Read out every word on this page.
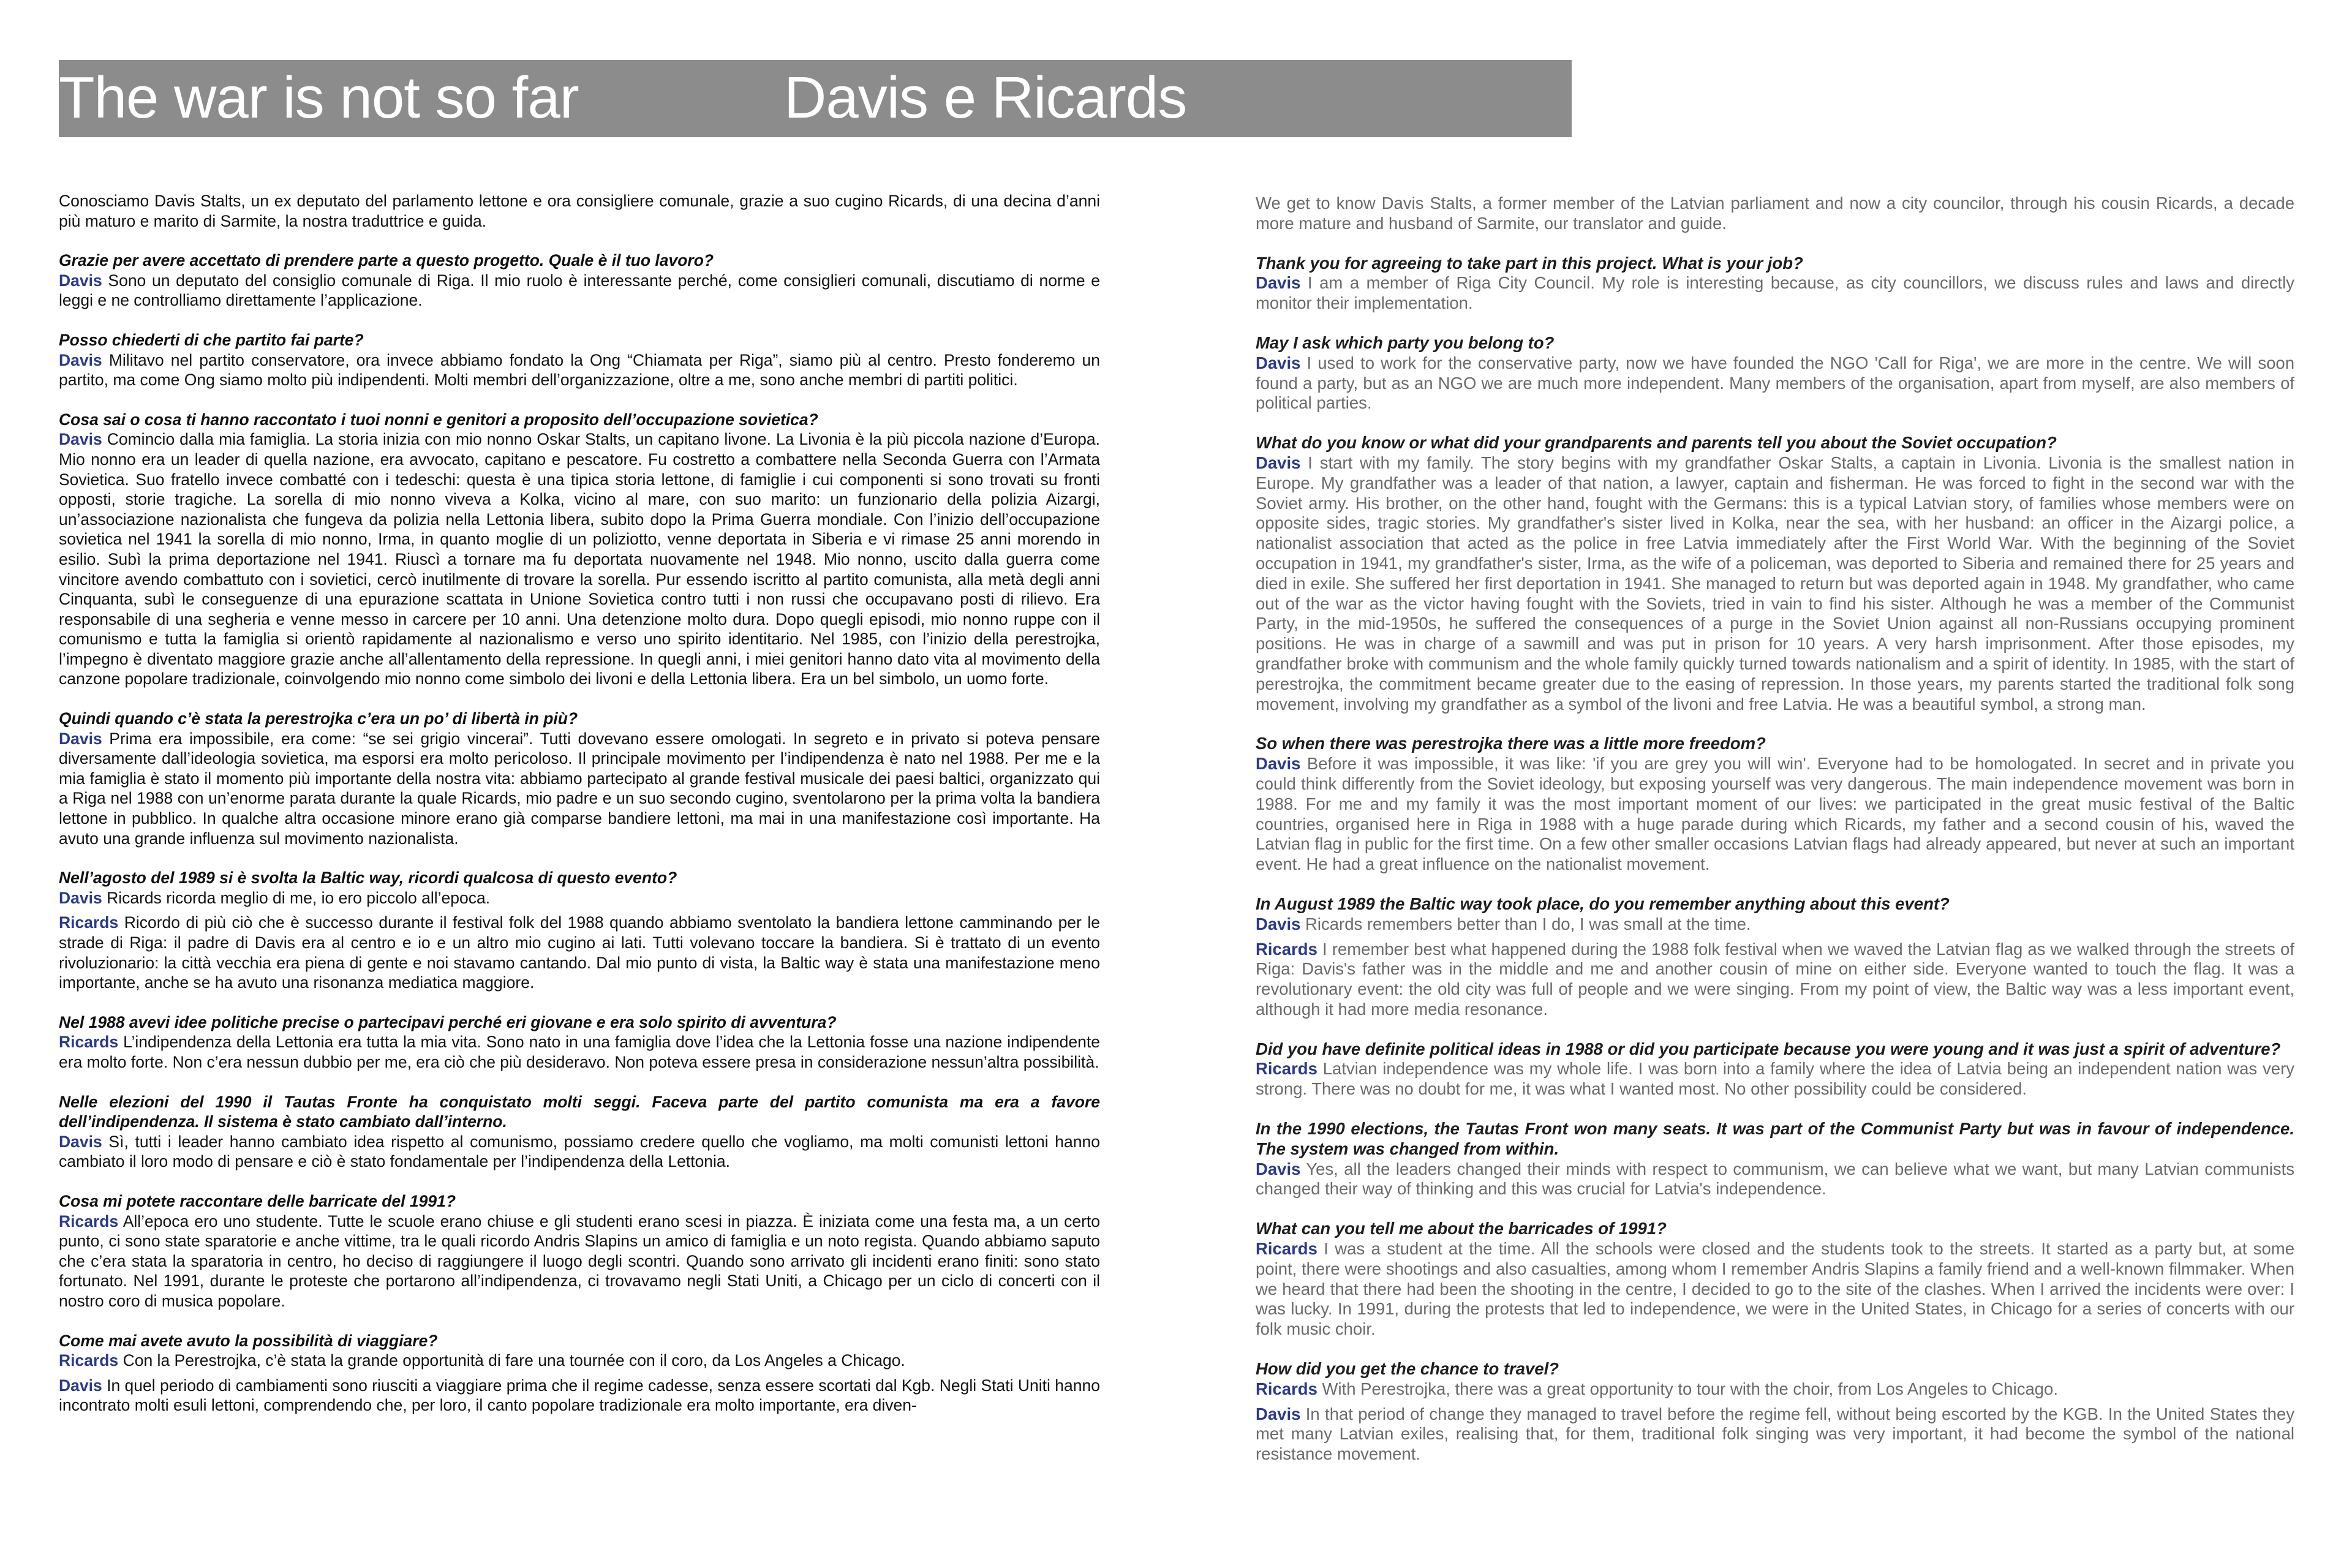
The war is not so far	Davis e Ricards

Conosciamo Davis Stalts, un ex deputato del parlamento lettone e ora consigliere comunale, grazie a suo cugino Ricards, di una decina d’anni più maturo e marito di Sarmite, la nostra traduttrice e guida.

Grazie per avere accettato di prendere parte a questo progetto. Quale è il tuo lavoro?

Davis Sono un deputato del consiglio comunale di Riga. Il mio ruolo è interessante perché, come consiglieri comunali, discutiamo di norme e leggi e ne controlliamo direttamente l’applicazione.

Posso chiederti di che partito fai parte?

Davis Militavo nel partito conservatore, ora invece abbiamo fondato la Ong “Chiamata per Riga”, siamo più al centro. Presto fonderemo un partito, ma come Ong siamo molto più indipendenti. Molti membri dell’organizzazione, oltre a me, sono anche membri di partiti politici.

Cosa sai o cosa ti hanno raccontato i tuoi nonni e genitori a proposito dell’occupazione sovietica?

Davis Comincio dalla mia famiglia. La storia inizia con mio nonno Oskar Stalts, un capitano livone. La Livonia è la più piccola nazione d’Europa. Mio nonno era un leader di quella nazione, era avvocato, capitano e pescatore. Fu costretto a combattere nella Seconda Guerra con l’Armata Sovietica. Suo fratello invece combatté con i tedeschi: questa è una tipica storia lettone, di famiglie i cui componenti si sono trovati su fronti opposti, storie tragiche. La sorella di mio nonno viveva a Kolka, vicino al mare, con suo marito: un funzionario della polizia Aizargi, un’associazione nazionalista che fungeva da polizia nella Lettonia libera, subito dopo la Prima Guerra mondiale. Con l’inizio dell’occupazione sovietica nel 1941 la sorella di mio nonno, Irma, in quanto moglie di un poliziotto, venne deportata in Siberia e vi rimase 25 anni morendo in esilio. Subì la prima deportazione nel 1941. Riuscì a tornare ma fu deportata nuovamente nel 1948. Mio nonno, uscito dalla guerra come vincitore avendo combattuto con i sovietici, cercò inutilmente di trovare la sorella. Pur essendo iscritto al partito comunista, alla metà degli anni Cinquanta, subì le conseguenze di una epurazione scattata in Unione Sovietica contro tutti i non russi che occupavano posti di rilievo. Era responsabile di una segheria e venne messo in carcere per 10 anni. Una detenzione molto dura. Dopo quegli episodi, mio nonno ruppe con il comunismo e tutta la famiglia si orientò rapidamente al nazionalismo e verso uno spirito identitario. Nel 1985, con l’inizio della perestrojka, l’impegno è diventato maggiore grazie anche all’allentamento della repressione. In quegli anni, i miei genitori hanno dato vita al movimento della canzone popolare tradizionale, coinvolgendo mio nonno come simbolo dei livoni e della Lettonia libera. Era un bel simbolo, un uomo forte.

Quindi quando c’è stata la perestrojka c’era un po’ di libertà in più?

Davis Prima era impossibile, era come: “se sei grigio vincerai”. Tutti dovevano essere omologati. In segreto e in privato si poteva pensare diversamente dall’ideologia sovietica, ma esporsi era molto pericoloso. Il principale movimento per l’indipendenza è nato nel 1988. Per me e la mia famiglia è stato il momento più importante della nostra vita: abbiamo partecipato al grande festival musicale dei paesi baltici, organizzato qui a Riga nel 1988 con un’enorme parata durante la quale Ricards, mio padre e un suo secondo cugino, sventolarono per la prima volta la bandiera lettone in pubblico. In qualche altra occasione minore erano già comparse bandiere lettoni, ma mai in una manifestazione così importante. Ha avuto una grande influenza sul movimento nazionalista.

Nell’agosto del 1989 si è svolta la Baltic way, ricordi qualcosa di questo evento?

Davis Ricards ricorda meglio di me, io ero piccolo all’epoca.

Ricards Ricordo di più ciò che è successo durante il festival folk del 1988 quando abbiamo sventolato la bandiera lettone camminando per le strade di Riga: il padre di Davis era al centro e io e un altro mio cugino ai lati. Tutti volevano toccare la bandiera. Si è trattato di un evento rivoluzionario: la città vecchia era piena di gente e noi stavamo cantando. Dal mio punto di vista, la Baltic way è stata una manifestazione meno importante, anche se ha avuto una risonanza mediatica maggiore.

Nel 1988 avevi idee politiche precise o partecipavi perché eri giovane e era solo spirito di avventura?

Ricards L’indipendenza della Lettonia era tutta la mia vita. Sono nato in una famiglia dove l’idea che la Lettonia fosse una nazione indipendente era molto forte. Non c’era nessun dubbio per me, era ciò che più desideravo. Non poteva essere presa in considerazione nessun’altra possibilità.

Nelle elezioni del 1990 il Tautas Fronte ha conquistato molti seggi. Faceva parte del partito comunista ma era a favore dell’indipendenza. Il sistema è stato cambiato dall’interno.

Davis Sì, tutti i leader hanno cambiato idea rispetto al comunismo, possiamo credere quello che vogliamo, ma molti comunisti lettoni hanno cambiato il loro modo di pensare e ciò è stato fondamentale per l’indipendenza della Lettonia.

Cosa mi potete raccontare delle barricate del 1991?

Ricards All’epoca ero uno studente. Tutte le scuole erano chiuse e gli studenti erano scesi in piazza. È iniziata come una festa ma, a un certo punto, ci sono state sparatorie e anche vittime, tra le quali ricordo Andris Slapins un amico di famiglia e un noto regista. Quando abbiamo saputo che c’era stata la sparatoria in centro, ho deciso di raggiungere il luogo degli scontri. Quando sono arrivato gli incidenti erano finiti: sono stato fortunato. Nel 1991, durante le proteste che portarono all’indipendenza, ci trovavamo negli Stati Uniti, a Chicago per un ciclo di concerti con il nostro coro di musica popolare.

Come mai avete avuto la possibilità di viaggiare?

Ricards Con la Perestrojka, c’è stata la grande opportunità di fare una tournée con il coro, da Los Angeles a Chicago.

Davis In quel periodo di cambiamenti sono riusciti a viaggiare prima che il regime cadesse, senza essere scortati dal Kgb. Negli Stati Uniti hanno incontrato molti esuli lettoni, comprendendo che, per loro, il canto popolare tradizionale era molto importante, era diven-

We get to know Davis Stalts, a former member of the Latvian parliament and now a city councilor, through his cousin Ricards, a decade more mature and husband of Sarmite, our translator and guide.

Thank you for agreeing to take part in this project. What is your job?

Davis I am a member of Riga City Council. My role is interesting because, as city councillors, we discuss rules and laws and directly monitor their implementation.

May I ask which party you belong to?

Davis I used to work for the conservative party, now we have founded the NGO 'Call for Riga', we are more in the centre. We will soon found a party, but as an NGO we are much more independent. Many members of the organisation, apart from myself, are also members of political parties.

What do you know or what did your grandparents and parents tell you about the Soviet occupation?

Davis I start with my family. The story begins with my grandfather Oskar Stalts, a captain in Livonia. Livonia is the smallest nation in Europe. My grandfather was a leader of that nation, a lawyer, captain and fisherman. He was forced to fight in the second war with the Soviet army. His brother, on the other hand, fought with the Germans: this is a typical Latvian story, of families whose members were on opposite sides, tragic stories. My grandfather's sister lived in Kolka, near the sea, with her husband: an officer in the Aizargi police, a nationalist association that acted as the police in free Latvia immediately after the First World War. With the beginning of the Soviet occupation in 1941, my grandfather's sister, Irma, as the wife of a policeman, was deported to Siberia and remained there for 25 years and died in exile. She suffered her first deportation in 1941. She managed to return but was deported again in 1948. My grandfather, who came out of the war as the victor having fought with the Soviets, tried in vain to find his sister. Although he was a member of the Communist Party, in the mid-1950s, he suffered the consequences of a purge in the Soviet Union against all non-Russians occupying prominent positions. He was in charge of a sawmill and was put in prison for 10 years. A very harsh imprisonment. After those episodes, my grandfather broke with communism and the whole family quickly turned towards nationalism and a spirit of identity. In 1985, with the start of perestrojka, the commitment became greater due to the easing of repression. In those years, my parents started the traditional folk song movement, involving my grandfather as a symbol of the livoni and free Latvia. He was a beautiful symbol, a strong man.

So when there was perestrojka there was a little more freedom?

Davis Before it was impossible, it was like: 'if you are grey you will win'. Everyone had to be homologated. In secret and in private you could think differently from the Soviet ideology, but exposing yourself was very dangerous. The main independence movement was born in 1988. For me and my family it was the most important moment of our lives: we participated in the great music festival of the Baltic countries, organised here in Riga in 1988 with a huge parade during which Ricards, my father and a second cousin of his, waved the Latvian flag in public for the first time. On a few other smaller occasions Latvian flags had already appeared, but never at such an important event. He had a great influence on the nationalist movement.

In August 1989 the Baltic way took place, do you remember anything about this event?

Davis Ricards remembers better than I do, I was small at the time.

Ricards I remember best what happened during the 1988 folk festival when we waved the Latvian flag as we walked through the streets of Riga: Davis's father was in the middle and me and another cousin of mine on either side. Everyone wanted to touch the flag. It was a revolutionary event: the old city was full of people and we were singing. From my point of view, the Baltic way was a less important event, although it had more media resonance.

Did you have definite political ideas in 1988 or did you participate because you were young and it was just a spirit of adventure?

Ricards Latvian independence was my whole life. I was born into a family where the idea of Latvia being an independent nation was very strong. There was no doubt for me, it was what I wanted most. No other possibility could be considered.

In the 1990 elections, the Tautas Front won many seats. It was part of the Communist Party but was in favour of independence. The system was changed from within.

Davis Yes, all the leaders changed their minds with respect to communism, we can believe what we want, but many Latvian communists changed their way of thinking and this was crucial for Latvia's independence.

What can you tell me about the barricades of 1991?

Ricards I was a student at the time. All the schools were closed and the students took to the streets. It started as a party but, at some point, there were shootings and also casualties, among whom I remember Andris Slapins a family friend and a well-known filmmaker. When we heard that there had been the shooting in the centre, I decided to go to the site of the clashes. When I arrived the incidents were over: I was lucky. In 1991, during the protests that led to independence, we were in the United States, in Chicago for a series of concerts with our folk music choir.

How did you get the chance to travel?

Ricards With Perestrojka, there was a great opportunity to tour with the choir, from Los Angeles to Chicago.

Davis In that period of change they managed to travel before the regime fell, without being escorted by the KGB. In the United States they met many Latvian exiles, realising that, for them, traditional folk singing was very important, it had become the symbol of the national resistance movement.
